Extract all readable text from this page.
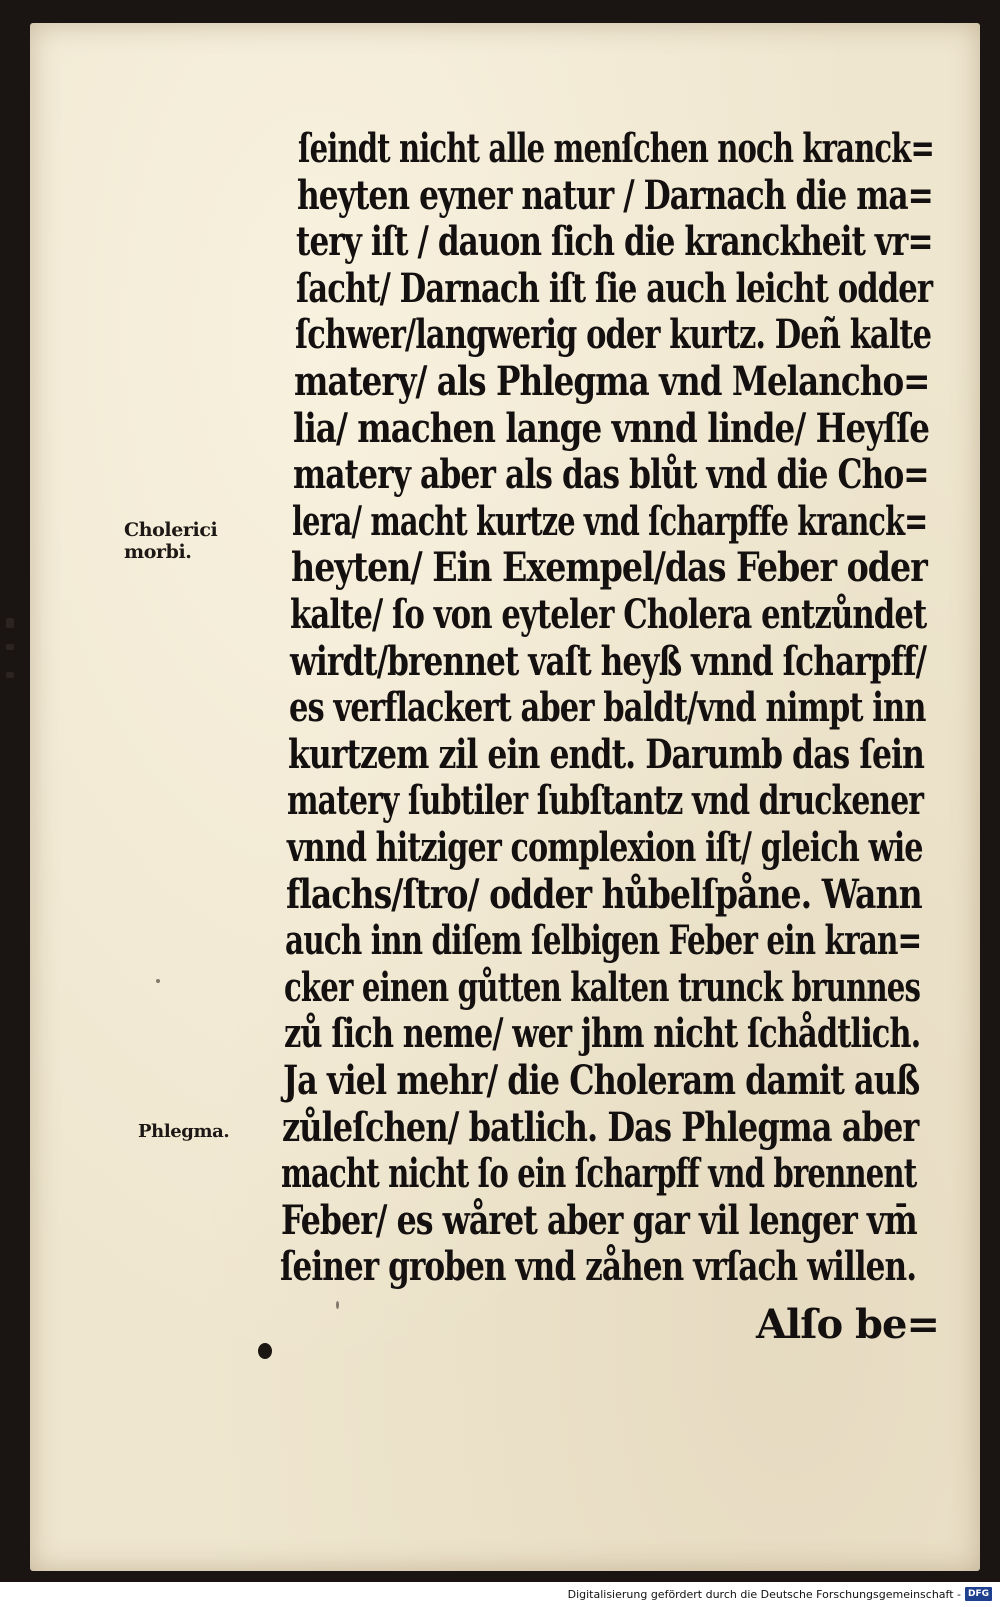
Cholerici
morbi.
Phlegma.
ſeindt nicht alle menſchen noch kranck=
heyten eyner natur / Darnach die ma=
tery iſt / dauon ſich die kranckheit vr=
ſacht/ Darnach iſt ſie auch leicht odder
ſchwer/langwerig oder kurtz. Deñ kalte
matery/ als Phlegma vnd Melancho=
lia/ machen lange vnnd linde/ Heyſſe
matery aber als das blůt vnd die Cho=
lera/ macht kurtze vnd ſcharpffe kranck=
heyten/ Ein Exempel/das Feber oder
kalte/ ſo von eyteler Cholera entzůndet
wirdt/brennet vaſt heyß vnnd ſcharpff/
es verflackert aber baldt/vnd nimpt inn
kurtzem zil ein endt. Darumb das ſein
matery ſubtiler ſubſtantz vnd druckener
vnnd hitziger complexion iſt/ gleich wie
flachs/ſtro/ odder hůbelſpåne. Wann
auch inn diſem ſelbigen Feber ein kran=
cker einen gůtten kalten trunck brunnes
zů ſich neme/ wer jhm nicht ſchådtlich.
Ja viel mehr/ die Choleram damit auß
zůleſchen/ batlich. Das Phlegma aber
macht nicht ſo ein ſcharpff vnd brennent
Feber/ es wåret aber gar vil lenger vm̄
ſeiner groben vnd zåhen vrſach willen.
Alſo be=
Digitalisierung gefördert durch die Deutsche Forschungsgemeinschaft - DFG
